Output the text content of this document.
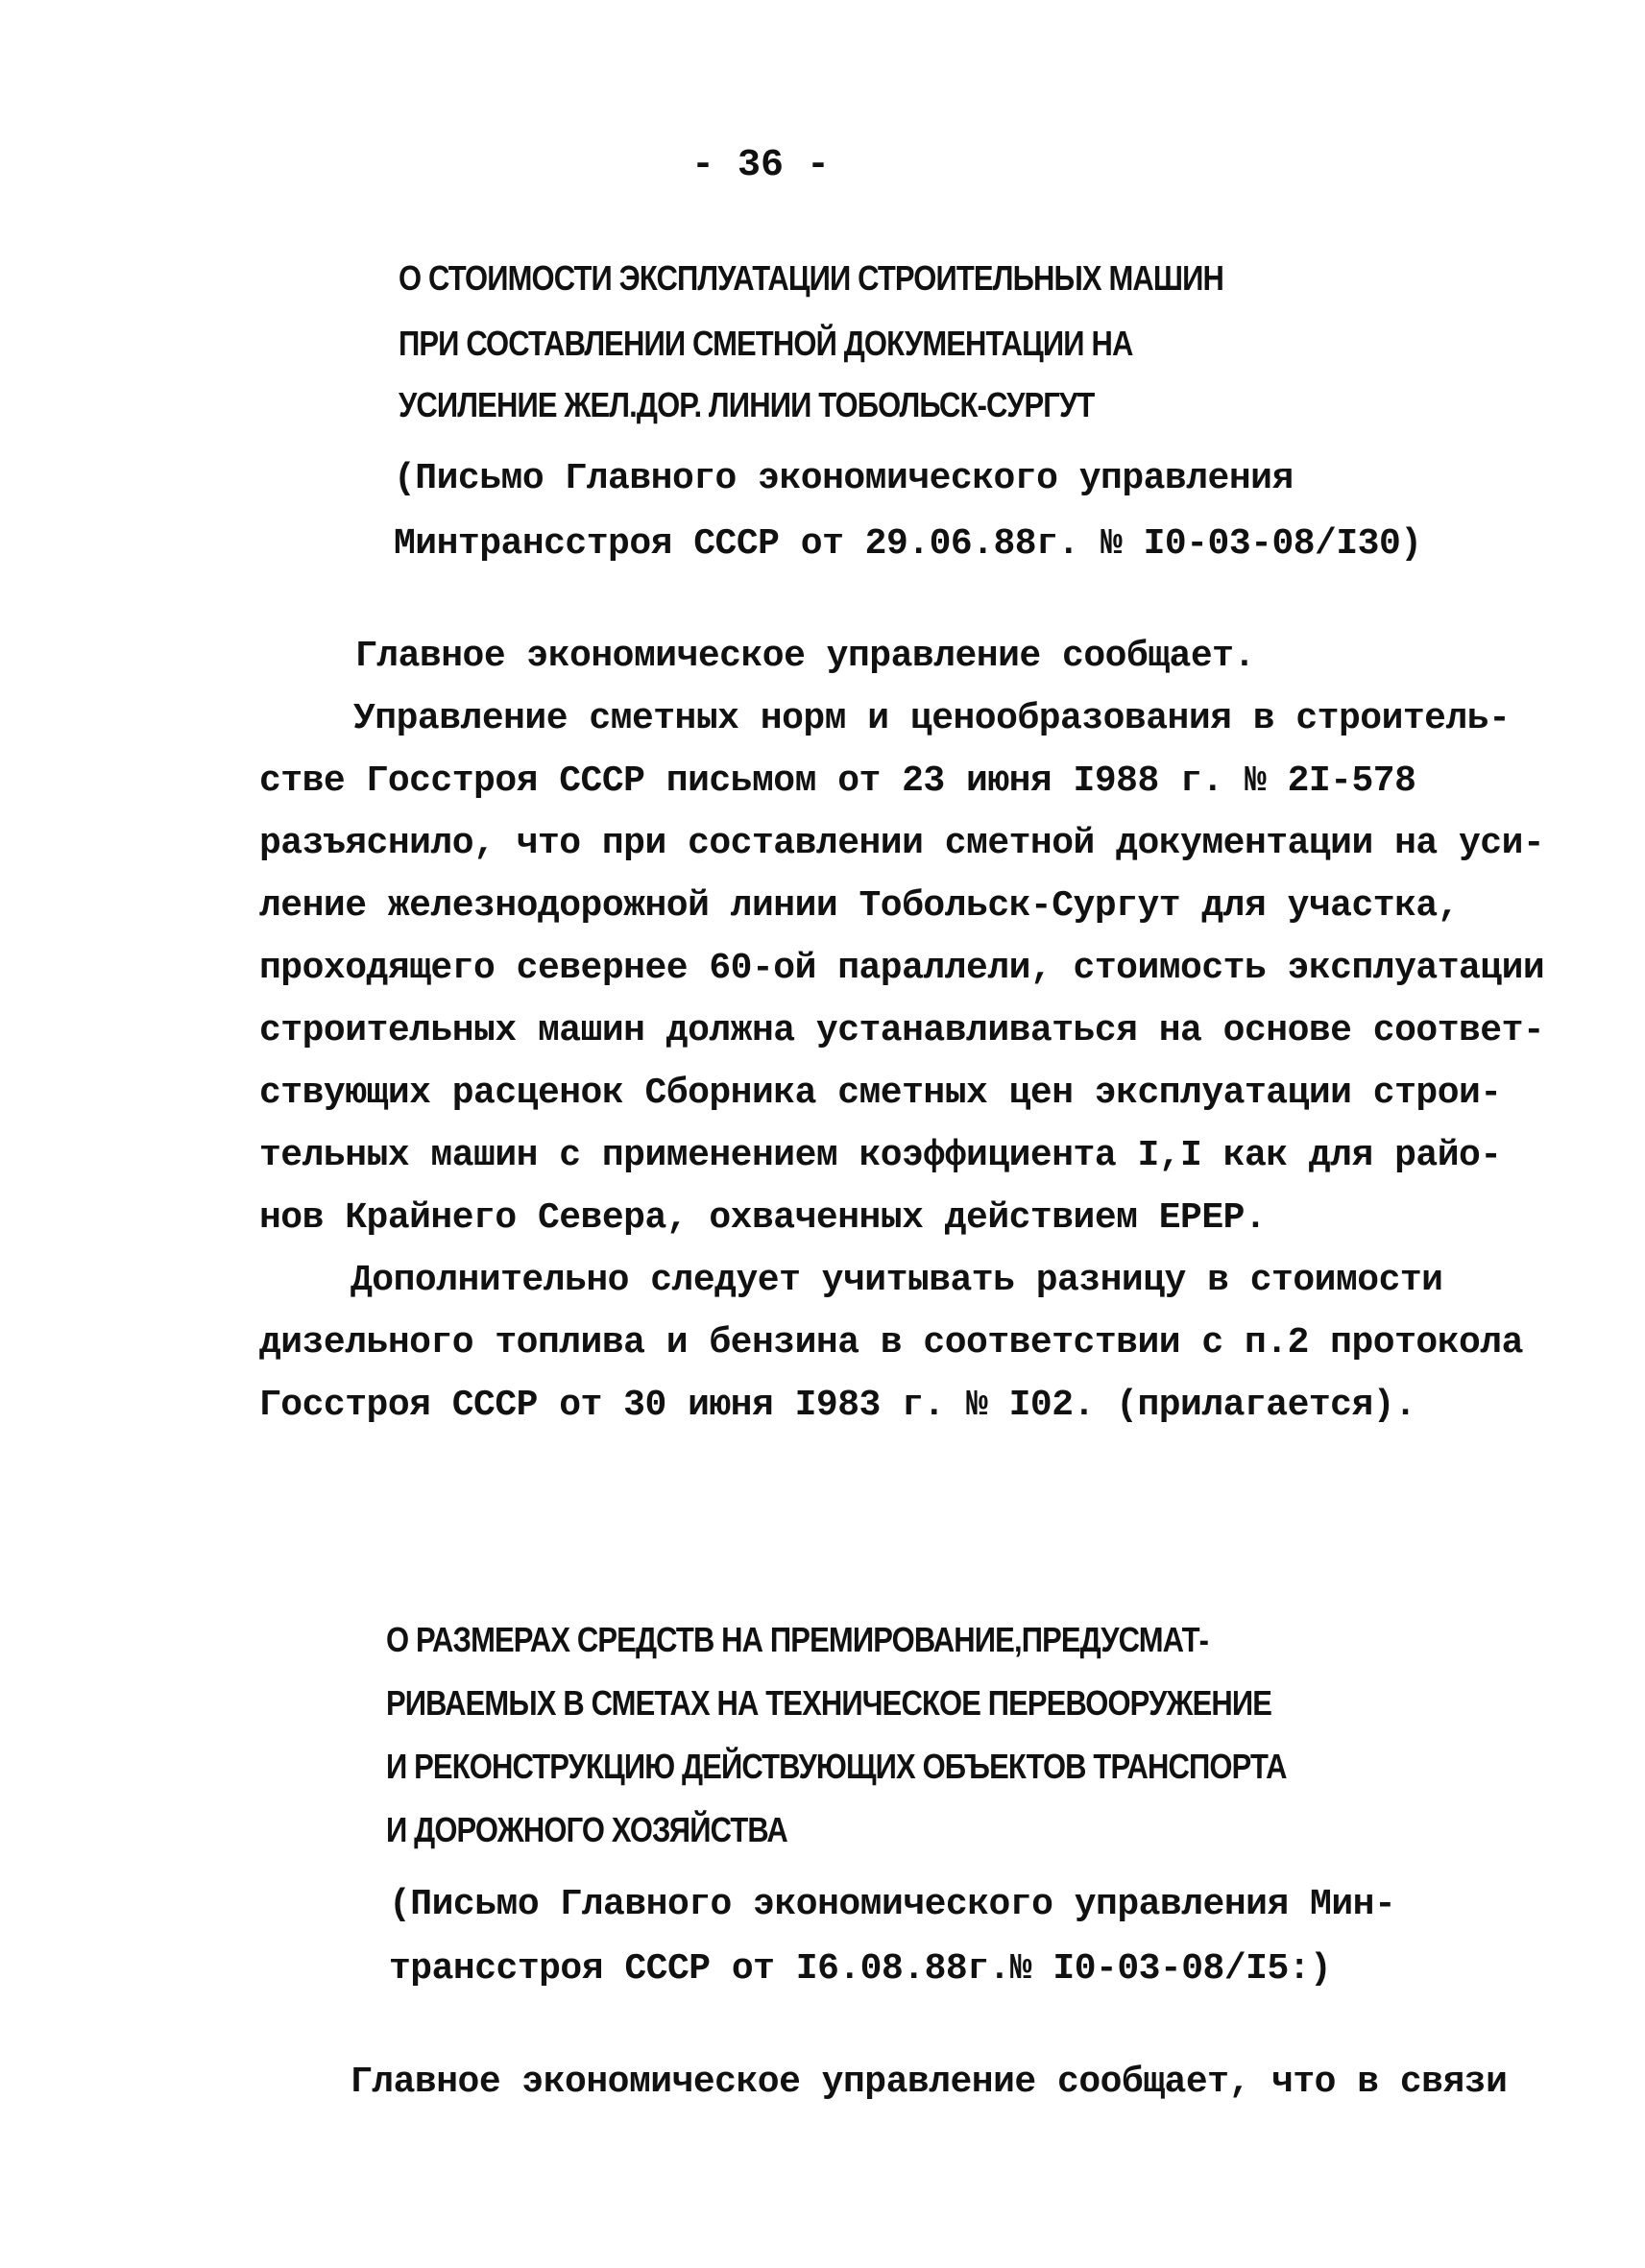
- 36 -
О СТОИМОСТИ ЭКСПЛУАТАЦИИ СТРОИТЕЛЬНЫХ МАШИН
ПРИ СОСТАВЛЕНИИ СМЕТНОЙ ДОКУМЕНТАЦИИ НА
УСИЛЕНИЕ ЖЕЛ.ДОР. ЛИНИИ ТОБОЛЬСК-СУРГУТ
(Письмо Главного экономического управления
Минтрансстроя СССР от 29.06.88г. № I0-03-08/I30)
Главное экономическое управление сообщает.
Управление сметных норм и ценообразования в строитель-
стве Госстроя СССР письмом от 23 июня I988 г. № 2I-578
разъяснило, что при составлении сметной документации на уси-
ление железнодорожной линии Тобольск-Сургут для участка,
проходящего севернее 60-ой параллели, стоимость эксплуатации
строительных машин должна устанавливаться на основе соответ-
ствующих расценок Сборника сметных цен эксплуатации строи-
тельных машин с применением коэффициента I,I как для райо-
нов Крайнего Севера, охваченных действием ЕРЕР.
Дополнительно следует учитывать разницу в стоимости
дизельного топлива и бензина в соответствии с п.2 протокола
Госстроя СССР от 30 июня I983 г. № I02. (прилагается).
О РАЗМЕРАХ СРЕДСТВ НА ПРЕМИРОВАНИЕ,ПРЕДУСМАТ-
РИВАЕМЫХ В СМЕТАХ НА ТЕХНИЧЕСКОЕ ПЕРЕВООРУЖЕНИЕ
И РЕКОНСТРУКЦИЮ ДЕЙСТВУЮЩИХ ОБЪЕКТОВ ТРАНСПОРТА
И ДОРОЖНОГО ХОЗЯЙСТВА
(Письмо Главного экономического управления Мин-
трансстроя СССР от I6.08.88г.№ I0-03-08/I5:)
Главное экономическое управление сообщает, что в связи
